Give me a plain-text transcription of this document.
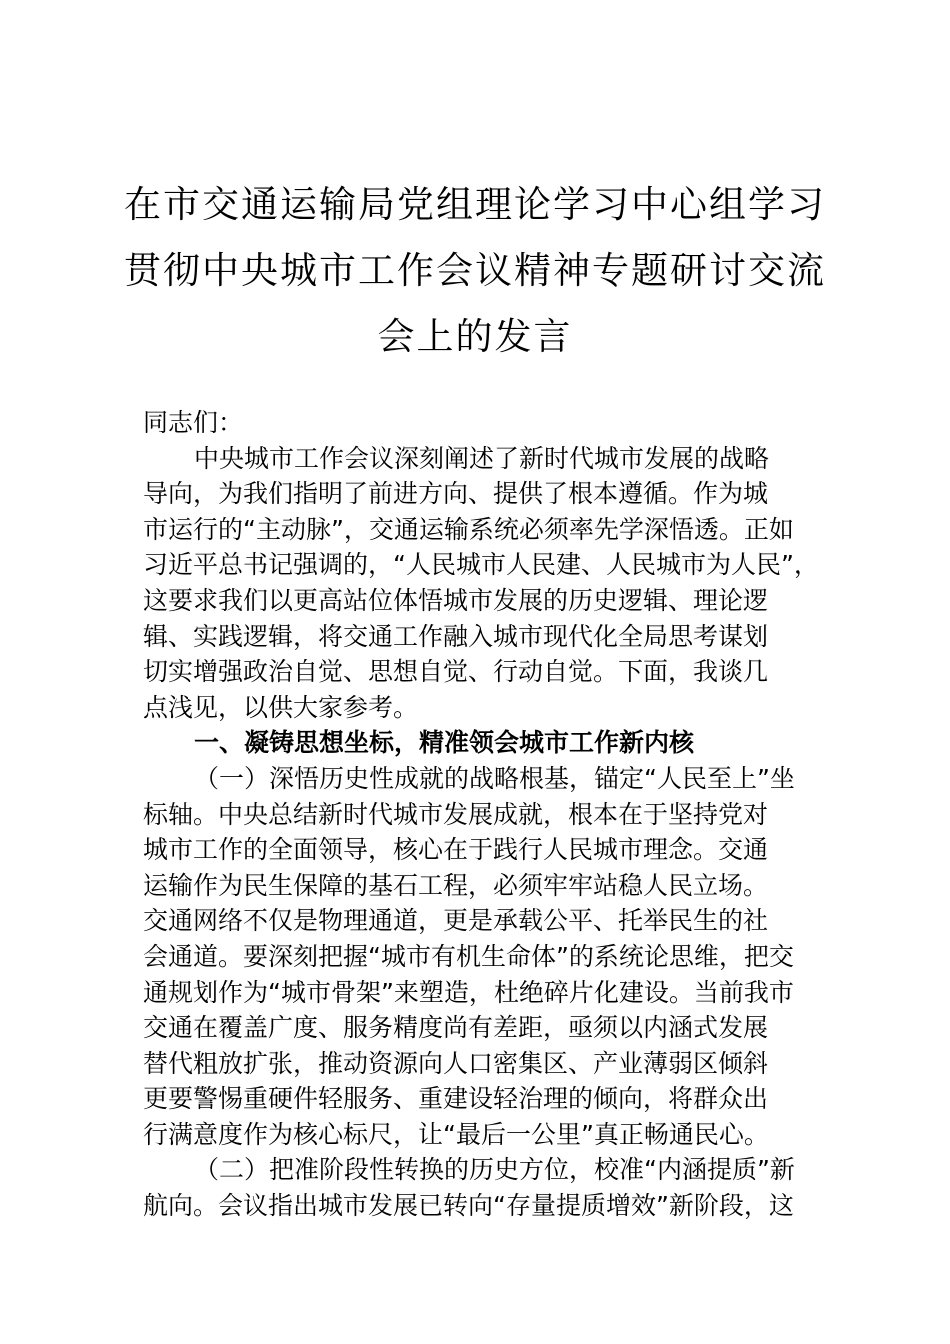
在市交通运输局党组理论学习中心组学习
贯彻中央城市工作会议精神专题研讨交流
会上的发言
同志们：
中央城市工作会议深刻阐述了新时代城市发展的战略
导向，为我们指明了前进方向、提供了根本遵循。作为城
市运行的“主动脉”，交通运输系统必须率先学深悟透。正如
习近平总书记强调的，“人民城市人民建、人民城市为人民”，
这要求我们以更高站位体悟城市发展的历史逻辑、理论逻
辑、实践逻辑，将交通工作融入城市现代化全局思考谋划
切实增强政治自觉、思想自觉、行动自觉。下面，我谈几
点浅见，以供大家参考。
一、凝铸思想坐标，精准领会城市工作新内核
（一）深悟历史性成就的战略根基，锚定“人民至上”坐
标轴。中央总结新时代城市发展成就，根本在于坚持党对
城市工作的全面领导，核心在于践行人民城市理念。交通
运输作为民生保障的基石工程，必须牢牢站稳人民立场。
交通网络不仅是物理通道，更是承载公平、托举民生的社
会通道。要深刻把握“城市有机生命体”的系统论思维，把交
通规划作为“城市骨架”来塑造，杜绝碎片化建设。当前我市
交通在覆盖广度、服务精度尚有差距，亟须以内涵式发展
替代粗放扩张，推动资源向人口密集区、产业薄弱区倾斜
更要警惕重硬件轻服务、重建设轻治理的倾向，将群众出
行满意度作为核心标尺，让“最后一公里”真正畅通民心。
（二）把准阶段性转换的历史方位，校准“内涵提质”新
航向。会议指出城市发展已转向“存量提质增效”新阶段，这
